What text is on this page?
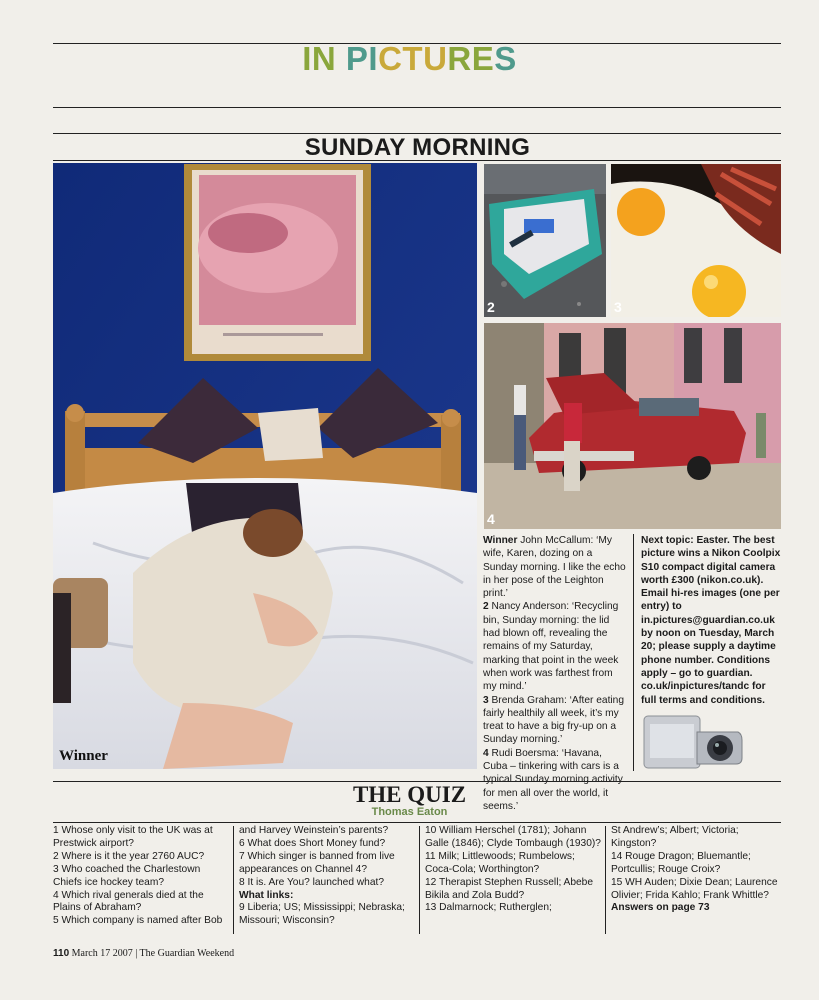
IN PICTURES
SUNDAY MORNING
Winner
2	3
4

Winner John McCallum: ‘My wife, Karen, dozing on a Sunday morning. I like the echo in her pose of the Leighton print.’

2 Nancy Anderson: ‘Recycling bin, Sunday morning: the lid had blown off, revealing the remains of my Saturday, marking that point in the week when work was farthest from my mind.’

3 Brenda Graham: ‘After eating fairly healthily all week, it’s my treat to have a big fry-up on a Sunday morning.’

4 Rudi Boersma: ‘Havana, Cuba – tinkering with cars is a typical Sunday morning activity for men all over the world, it seems.’

Next topic: Easter. The best picture wins a Nikon Coolpix S10 compact digital camera worth £300 (nikon.co.uk). Email hi-res images (one per entry) to in.pictures@guardian.co.uk by noon on Tuesday, March 20; please supply a daytime phone number. Conditions apply – go to guardian. co.uk/inpictures/tandc for full terms and conditions.
THE QUIZ
Thomas Eaton

1 Whose only visit to the UK was at Prestwick airport?

2 Where is it the year 2760 AUC?

3 Who coached the Charlestown Chiefs ice hockey team?

4 Which rival generals died at the Plains of Abraham?

5 Which company is named after Bob

and Harvey Weinstein’s parents?

6 What does Short Money fund?

7 Which singer is banned from live appearances on Channel 4?

8 It is. Are You? launched what?

What links:

9 Liberia; US; Mississippi; Nebraska; Missouri; Wisconsin?

10 William Herschel (1781); Johann Galle (1846); Clyde Tombaugh (1930)?

11 Milk; Littlewoods; Rumbelows; Coca-Cola; Worthington?

12 Therapist Stephen Russell; Abebe Bikila and Zola Budd?

13 Dalmarnock; Rutherglen;

St Andrew’s; Albert; Victoria; Kingston?

14 Rouge Dragon; Bluemantle; Portcullis; Rouge Croix?

15 WH Auden; Dixie Dean; Laurence Olivier; Frida Kahlo; Frank Whittle?

Answers on page 73

110 March 17 2007 | The Guardian Weekend
